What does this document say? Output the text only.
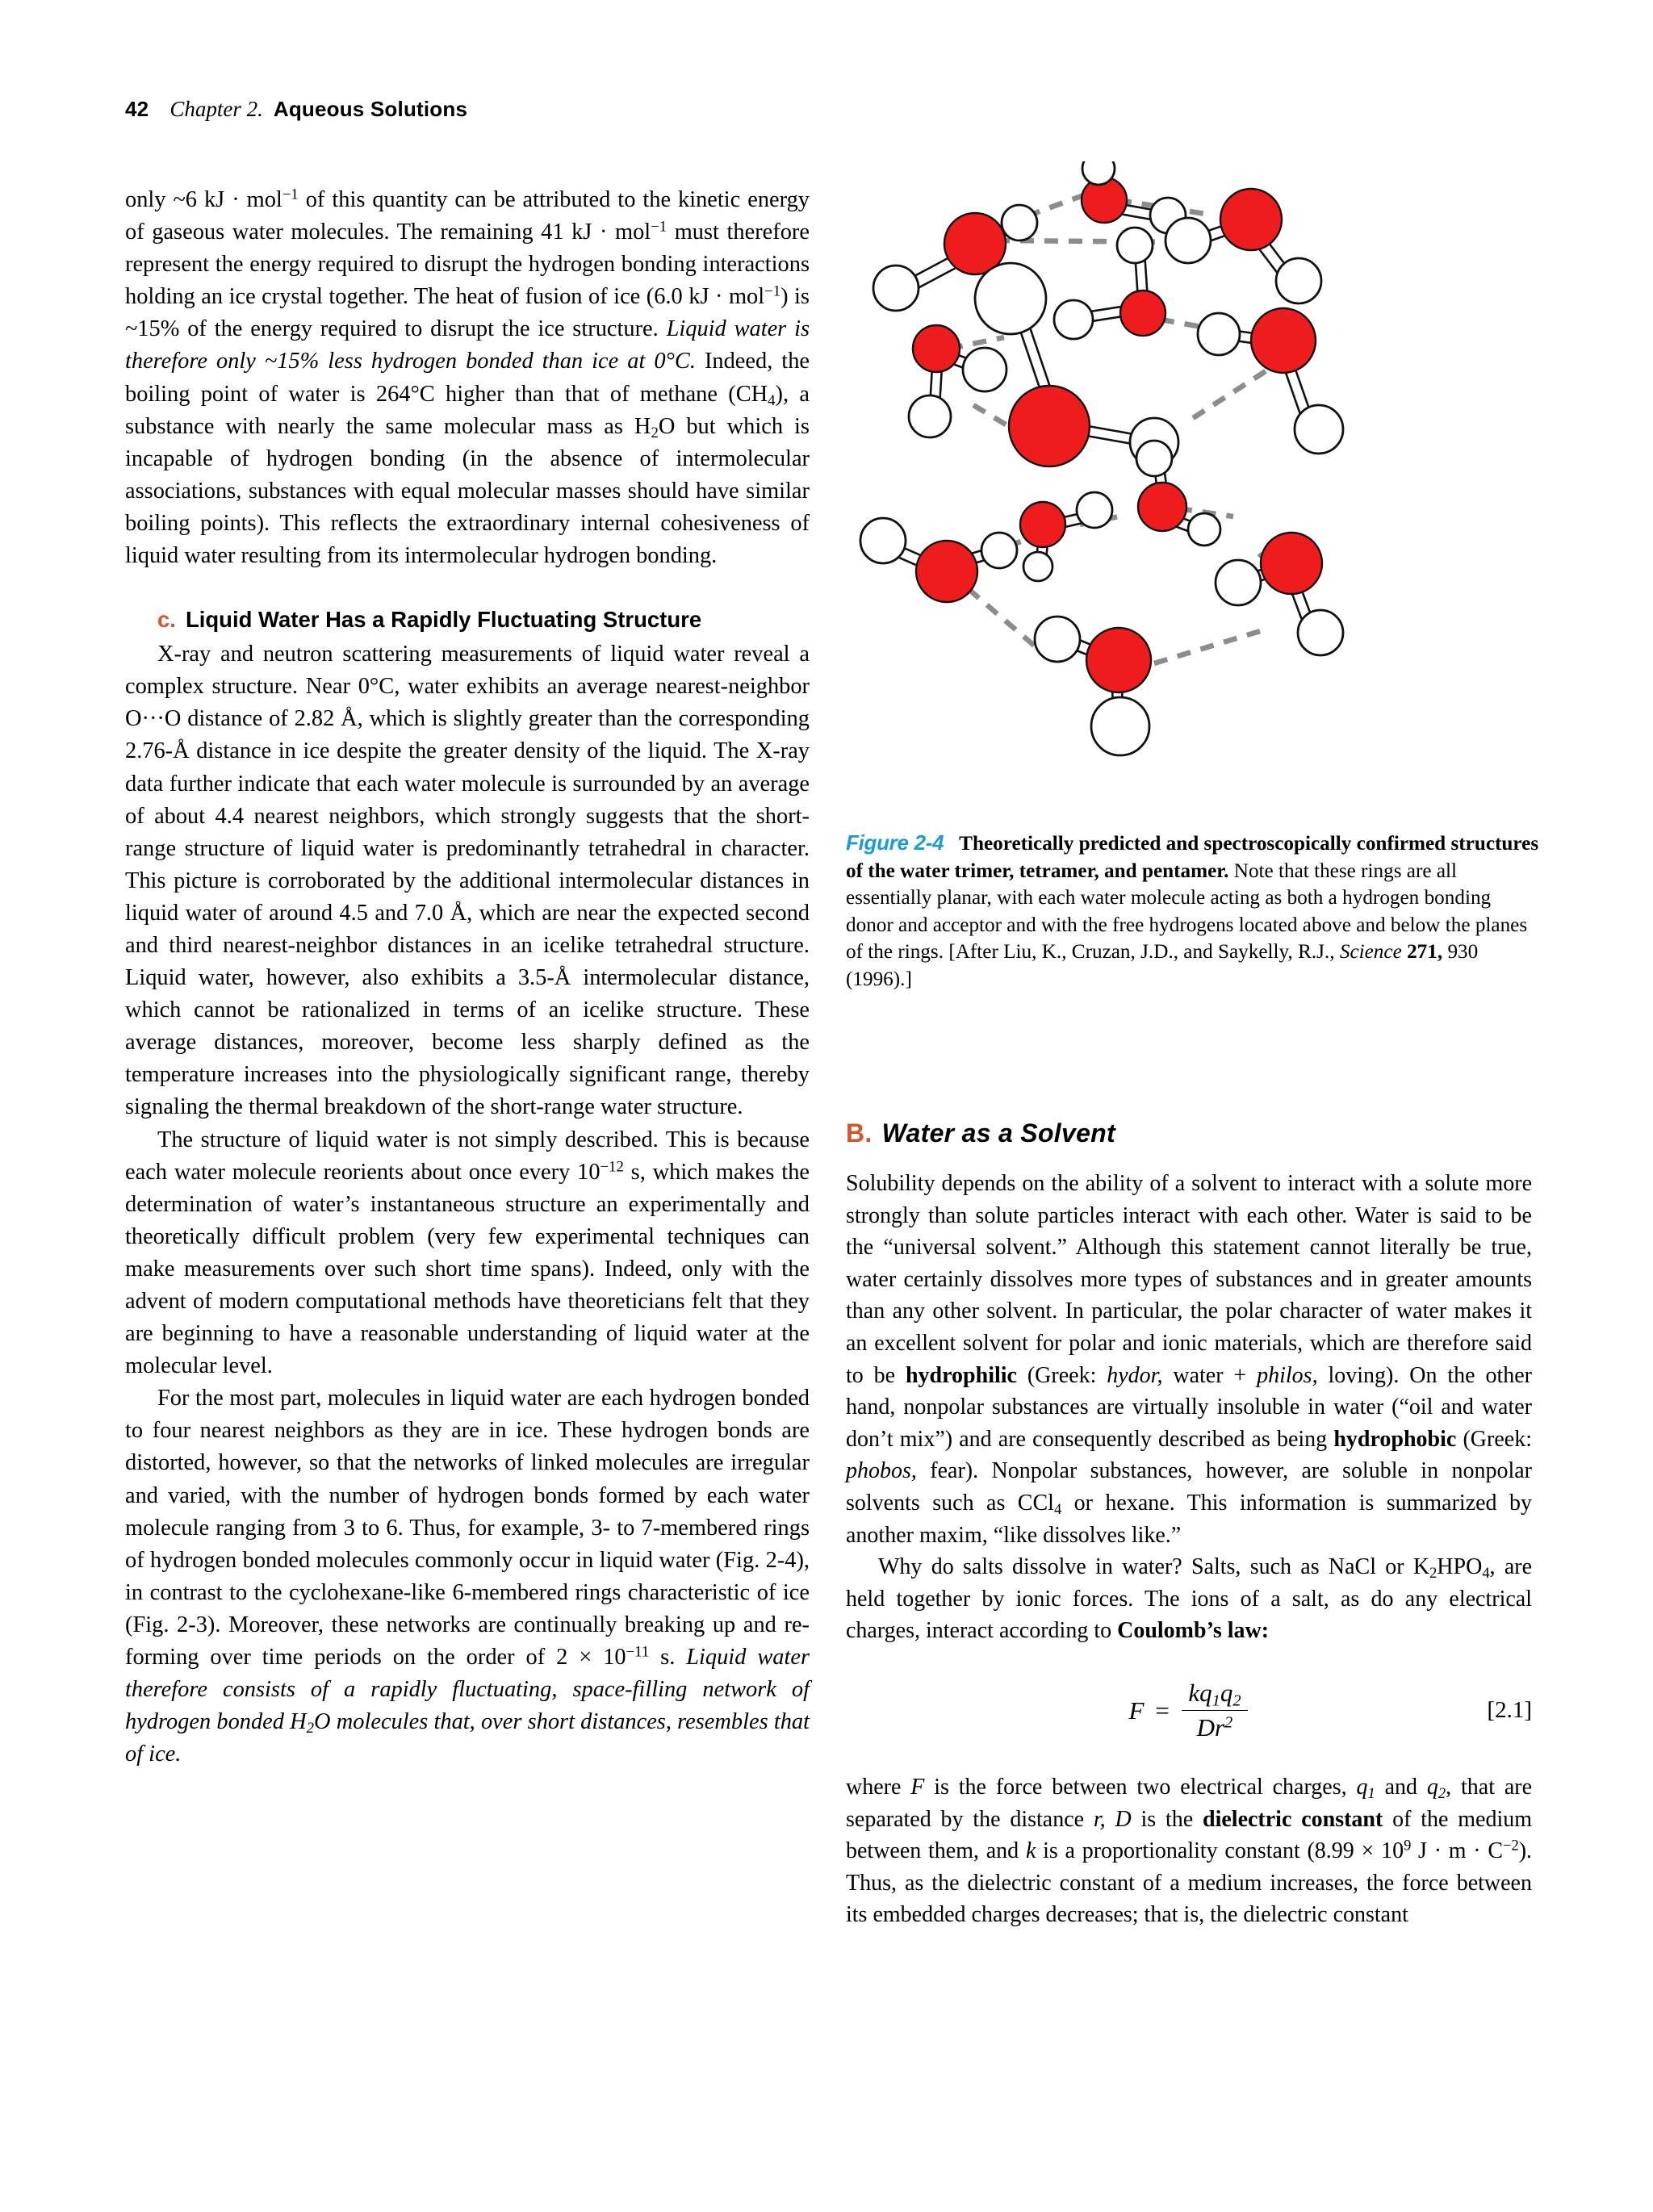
42 Chapter 2. Aqueous Solutions

only ~6 kJ · mol$^{-1}$ of this quantity can be attributed to the kinetic energy of gaseous water molecules. The remaining 41 kJ · mol$^{-1}$ must therefore represent the energy required to disrupt the hydrogen bonding interactions holding an ice crystal together. The heat of fusion of ice (6.0 kJ · mol$^{-1}$) is ~15% of the energy required to disrupt the ice structure. Liquid water is therefore only ~15% less hydrogen bonded than ice at 0°C. Indeed, the boiling point of water is 264°C higher than that of methane $(CH_4)$, a substance with nearly the same molecular mass as $H_2O$ but which is incapable of hydrogen bonding (in the absence of intermolecular associations, substances with equal molecular masses should have similar boiling points). This reflects the extraordinary internal cohesiveness of liquid water resulting from its intermolecular hydrogen bonding.

c. Liquid Water Has a Rapidly Fluctuating Structure

X-ray and neutron scattering measurements of liquid water reveal a complex structure. Near 0°C, water exhibits an average nearest-neighbor O···O distance of 2.82 Å, which is slightly greater than the corresponding 2.76-Å distance in ice despite the greater density of the liquid. The X-ray data further indicate that each water molecule is surrounded by an average of about 4.4 nearest neighbors, which strongly suggests that the short-range structure of liquid water is predominantly tetrahedral in character. This picture is corroborated by the additional intermolecular distances in liquid water of around 4.5 and 7.0 Å, which are near the expected second and third nearest-neighbor distances in an icelike tetrahedral structure. Liquid water, however, also exhibits a 3.5-Å intermolecular distance, which cannot be rationalized in terms of an icelike structure. These average distances, moreover, become less sharply defined as the temperature increases into the physiologically significant range, thereby signaling the thermal breakdown of the short-range water structure.

The structure of liquid water is not simply described. This is because each water molecule reorients about once every $10^{-12}$ s, which makes the determination of water’s instantaneous structure an experimentally and theoretically difficult problem (very few experimental techniques can make measurements over such short time spans). Indeed, only with the advent of modern computational methods have theoreticians felt that they are beginning to have a reasonable understanding of liquid water at the molecular level.

For the most part, molecules in liquid water are each hydrogen bonded to four nearest neighbors as they are in ice. These hydrogen bonds are distorted, however, so that the networks of linked molecules are irregular and varied, with the number of hydrogen bonds formed by each water molecule ranging from 3 to 6. Thus, for example, 3- to 7-membered rings of hydrogen bonded molecules commonly occur in liquid water (Fig. 2-4), in contrast to the cyclohexane-like 6-membered rings characteristic of ice (Fig. 2-3). Moreover, these networks are continually breaking up and re-forming over time periods on the order of $2 \times 10^{-11}$ s. Liquid water therefore consists of a rapidly fluctuating, space-filling network of hydrogen bonded $H_2O$ molecules that, over short distances, resembles that of ice.

Figure 2-4 Theoretically predicted and spectroscopically confirmed structures of the water trimer, tetramer, and pentamer. Note that these rings are all essentially planar, with each water molecule acting as both a hydrogen bonding donor and acceptor and with the free hydrogens located above and below the planes of the rings. [After Liu, K., Cruzan, J.D., and Saykelly, R.J., Science 271, 930 (1996).]

B. Water as a Solvent

Solubility depends on the ability of a solvent to interact with a solute more strongly than solute particles interact with each other. Water is said to be the “universal solvent.” Although this statement cannot literally be true, water certainly dissolves more types of substances and in greater amounts than any other solvent. In particular, the polar character of water makes it an excellent solvent for polar and ionic materials, which are therefore said to be hydrophilic (Greek: hydor, water + philos, loving). On the other hand, nonpolar substances are virtually insoluble in water (“oil and water don’t mix”) and are consequently described as being hydrophobic (Greek: phobos, fear). Nonpolar substances, however, are soluble in nonpolar solvents such as CCl$_4$ or hexane. This information is summarized by another maxim, “like dissolves like.”

Why do salts dissolve in water? Salts, such as NaCl or $K_2HPO_4$, are held together by ionic forces. The ions of a salt, as do any electrical charges, interact according to Coulomb’s law:

$F = \frac{kq_1q_2}{Dr^2}$	[2.1]

where F is the force between two electrical charges, $q_1$ and $q_2$, that are separated by the distance r, D is the dielectric constant of the medium between them, and k is a proportionality constant ($8.99 \times 10^9$ $J \cdot m \cdot C^{-2}$). Thus, as the dielectric constant of a medium increases, the force between its embedded charges decreases; that is, the dielectric constant
